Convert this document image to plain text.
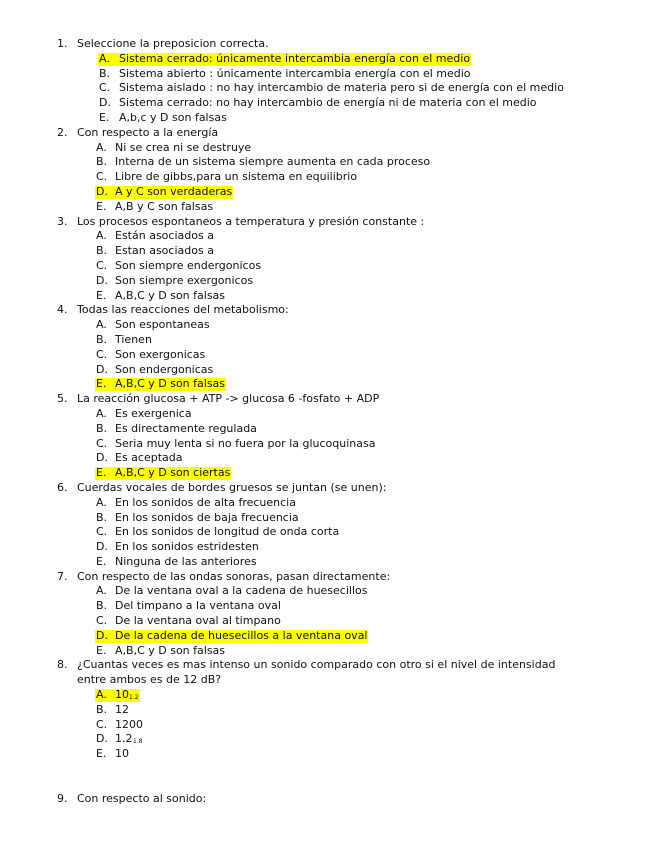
1. Seleccione la preposicion correcta.
A. Sistema cerrado: únicamente intercambia energía con el medio
B. Sistema abierto : únicamente intercambia energía con el medio
C. Sistema aislado : no hay intercambio de materia pero si de energía con el medio
D. Sistema cerrado: no hay intercambio de energía ni de materia con el medio
E. A,b,c y D son falsas
2. Con respecto a la energía
A. Ni se crea ni se destruye
B. Interna de un sistema siempre aumenta en cada proceso
C. Libre de gibbs,para un sistema en equilibrio
D. A y C son verdaderas
E. A,B y C son falsas
3. Los procesos espontaneos a temperatura y presión constante :
A. Están asociados a
B. Estan asociados a
C. Son siempre endergonicos
D. Son siempre exergonicos
E. A,B,C y D son falsas
4. Todas las reacciones del metabolismo:
A. Son espontaneas
B. Tienen
C. Son exergonicas
D. Son endergonicas
E. A,B,C y D son falsas
5. La reacción glucosa + ATP -> glucosa 6 -fosfato + ADP
A. Es exergenica
B. Es directamente regulada
C. Seria muy lenta si no fuera por la glucoquinasa
D. Es aceptada
E. A,B,C y D son ciertas
6. Cuerdas vocales de bordes gruesos se juntan (se unen):
A. En los sonidos de alta frecuencia
B. En los sonidos de baja frecuencia
C. En los sonidos de longitud de onda corta
D. En los sonidos estridesten
E. Ninguna de las anteriores
7. Con respecto de las ondas sonoras, pasan directamente:
A. De la ventana oval a la cadena de huesecillos
B. Del timpano a la ventana oval
C. De la ventana oval al timpano
D. De la cadena de huesecillos a la ventana oval
E. A,B,C y D son falsas
8. ¿Cuantas veces es mas intenso un sonido comparado con otro si el nivel de intensidad
entre ambos es de 12 dB?
A. 10 1.2
B. 12
C. 1200
D. 1.2 1.8
E. 10
9. Con respecto al sonido:
